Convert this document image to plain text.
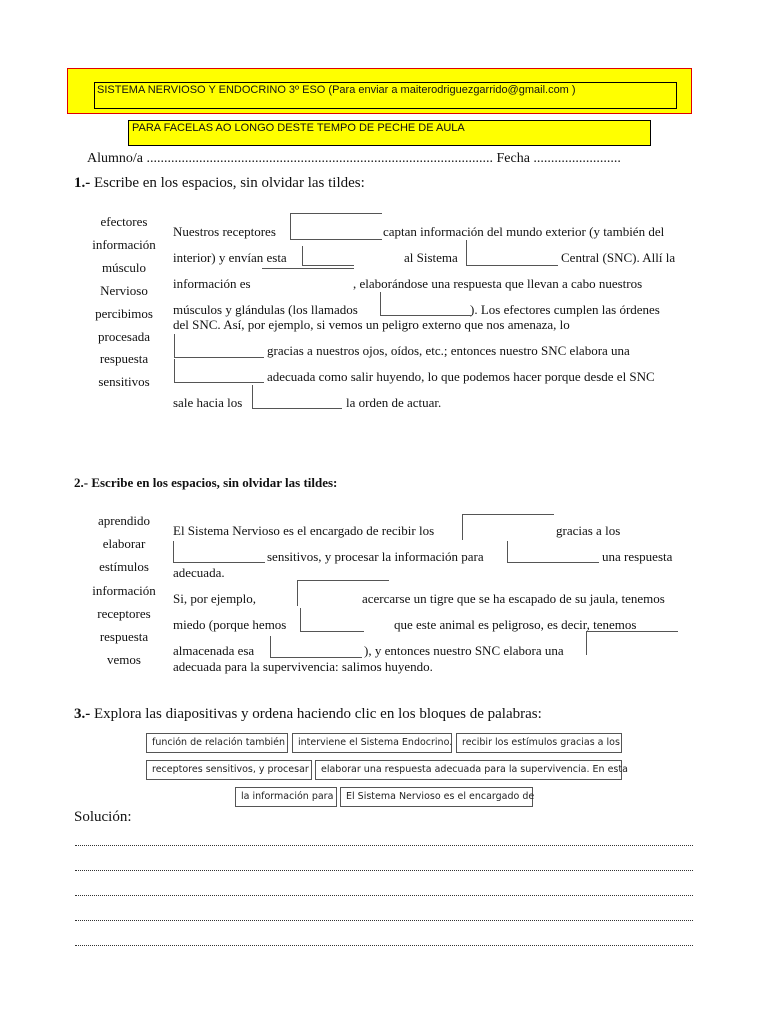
SISTEMA NERVIOSO Y ENDOCRINO 3º ESO (Para enviar a maiterodriguezgarrido@gmail.com )
PARA FACELAS AO LONGO DESTE TEMPO DE PECHE DE AULA
Alumno/a ................................................................................................... Fecha .........................
1.- Escribe en los espacios, sin olvidar las tildes:
efectores
información
músculo
Nervioso
percibimos
procesada
respuesta
sensitivos
Nuestros receptores	captan información del mundo exterior (y también del
interior) y envían esta	al Sistema	Central (SNC). Allí la
información es	, elaborándose una respuesta que llevan a cabo nuestros
músculos y glándulas (los llamados	). Los efectores cumplen las órdenes
del SNC. Así, por ejemplo, si vemos un peligro externo que nos amenaza, lo
gracias a nuestros ojos, oídos, etc.; entonces nuestro SNC elabora una
adecuada como salir huyendo, lo que podemos hacer porque desde el SNC
sale hacia los	la orden de actuar.
2.- Escribe en los espacios, sin olvidar las tildes:
aprendido
elaborar
estímulos
información
receptores
respuesta
vemos
El Sistema Nervioso es el encargado de recibir los	gracias a los
sensitivos, y procesar la información para	una respuesta
adecuada.
Si, por ejemplo,	acercarse un tigre que se ha escapado de su jaula, tenemos
miedo (porque hemos	que este animal es peligroso, es decir, tenemos
almacenada esa	), y entonces nuestro SNC elabora una
adecuada para la supervivencia: salimos huyendo.
3.- Explora las diapositivas y ordena haciendo clic en los bloques de palabras:
función de relación también	interviene el Sistema Endocrino.	recibir los estímulos gracias a los
receptores sensitivos, y procesar	elaborar una respuesta adecuada para la supervivencia. En esta
la información para	El Sistema Nervioso es el encargado de
Solución:
